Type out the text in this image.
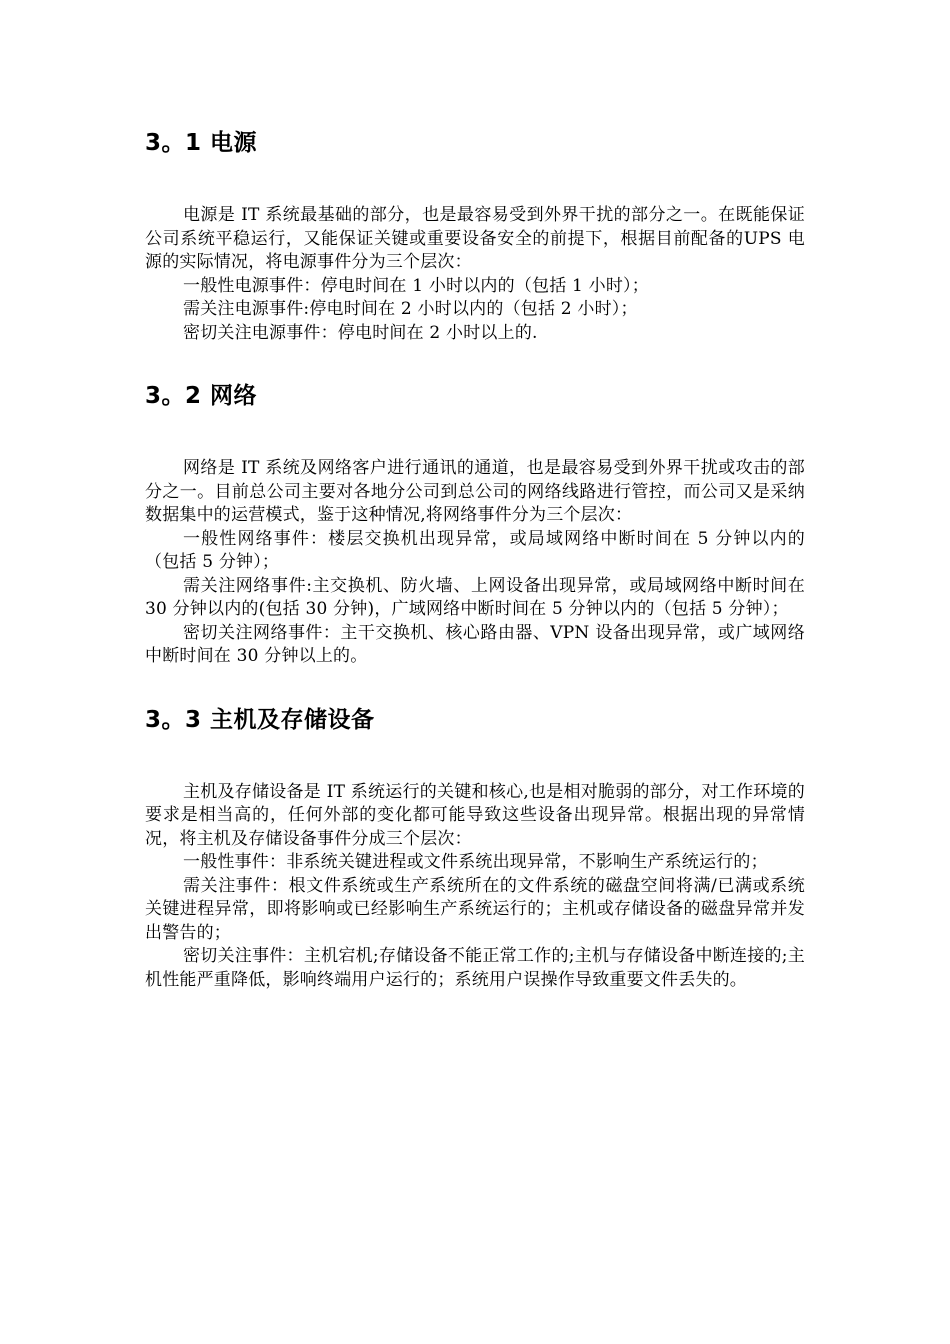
3。1 电源

电源是 IT 系统最基础的部分，也是最容易受到外界干扰的部分之一。在既能保证公司系统平稳运行，又能保证关键或重要设备安全的前提下，根据目前配备的UPS 电源的实际情况，将电源事件分为三个层次：

一般性电源事件：停电时间在 1 小时以内的（包括 1 小时）；

需关注电源事件:停电时间在 2 小时以内的（包括 2 小时）；

密切关注电源事件：停电时间在 2 小时以上的.

3。2 网络

网络是 IT 系统及网络客户进行通讯的通道，也是最容易受到外界干扰或攻击的部分之一。目前总公司主要对各地分公司到总公司的网络线路进行管控，而公司又是采纳数据集中的运营模式，鉴于这种情况,将网络事件分为三个层次：

一般性网络事件：楼层交换机出现异常，或局域网络中断时间在 5 分钟以内的（包括 5 分钟）；

需关注网络事件:主交换机、防火墙、上网设备出现异常，或局域网络中断时间在 30 分钟以内的(包括 30 分钟)，广域网络中断时间在 5 分钟以内的（包括 5 分钟）；

密切关注网络事件：主干交换机、核心路由器、VPN 设备出现异常，或广域网络中断时间在 30 分钟以上的。

3。3 主机及存储设备

主机及存储设备是 IT 系统运行的关键和核心,也是相对脆弱的部分，对工作环境的要求是相当高的，任何外部的变化都可能导致这些设备出现异常。根据出现的异常情况，将主机及存储设备事件分成三个层次：

一般性事件：非系统关键进程或文件系统出现异常，不影响生产系统运行的；

需关注事件：根文件系统或生产系统所在的文件系统的磁盘空间将满/已满或系统关键进程异常，即将影响或已经影响生产系统运行的；主机或存储设备的磁盘异常并发出警告的；

密切关注事件：主机宕机;存储设备不能正常工作的;主机与存储设备中断连接的;主机性能严重降低，影响终端用户运行的；系统用户误操作导致重要文件丢失的。
